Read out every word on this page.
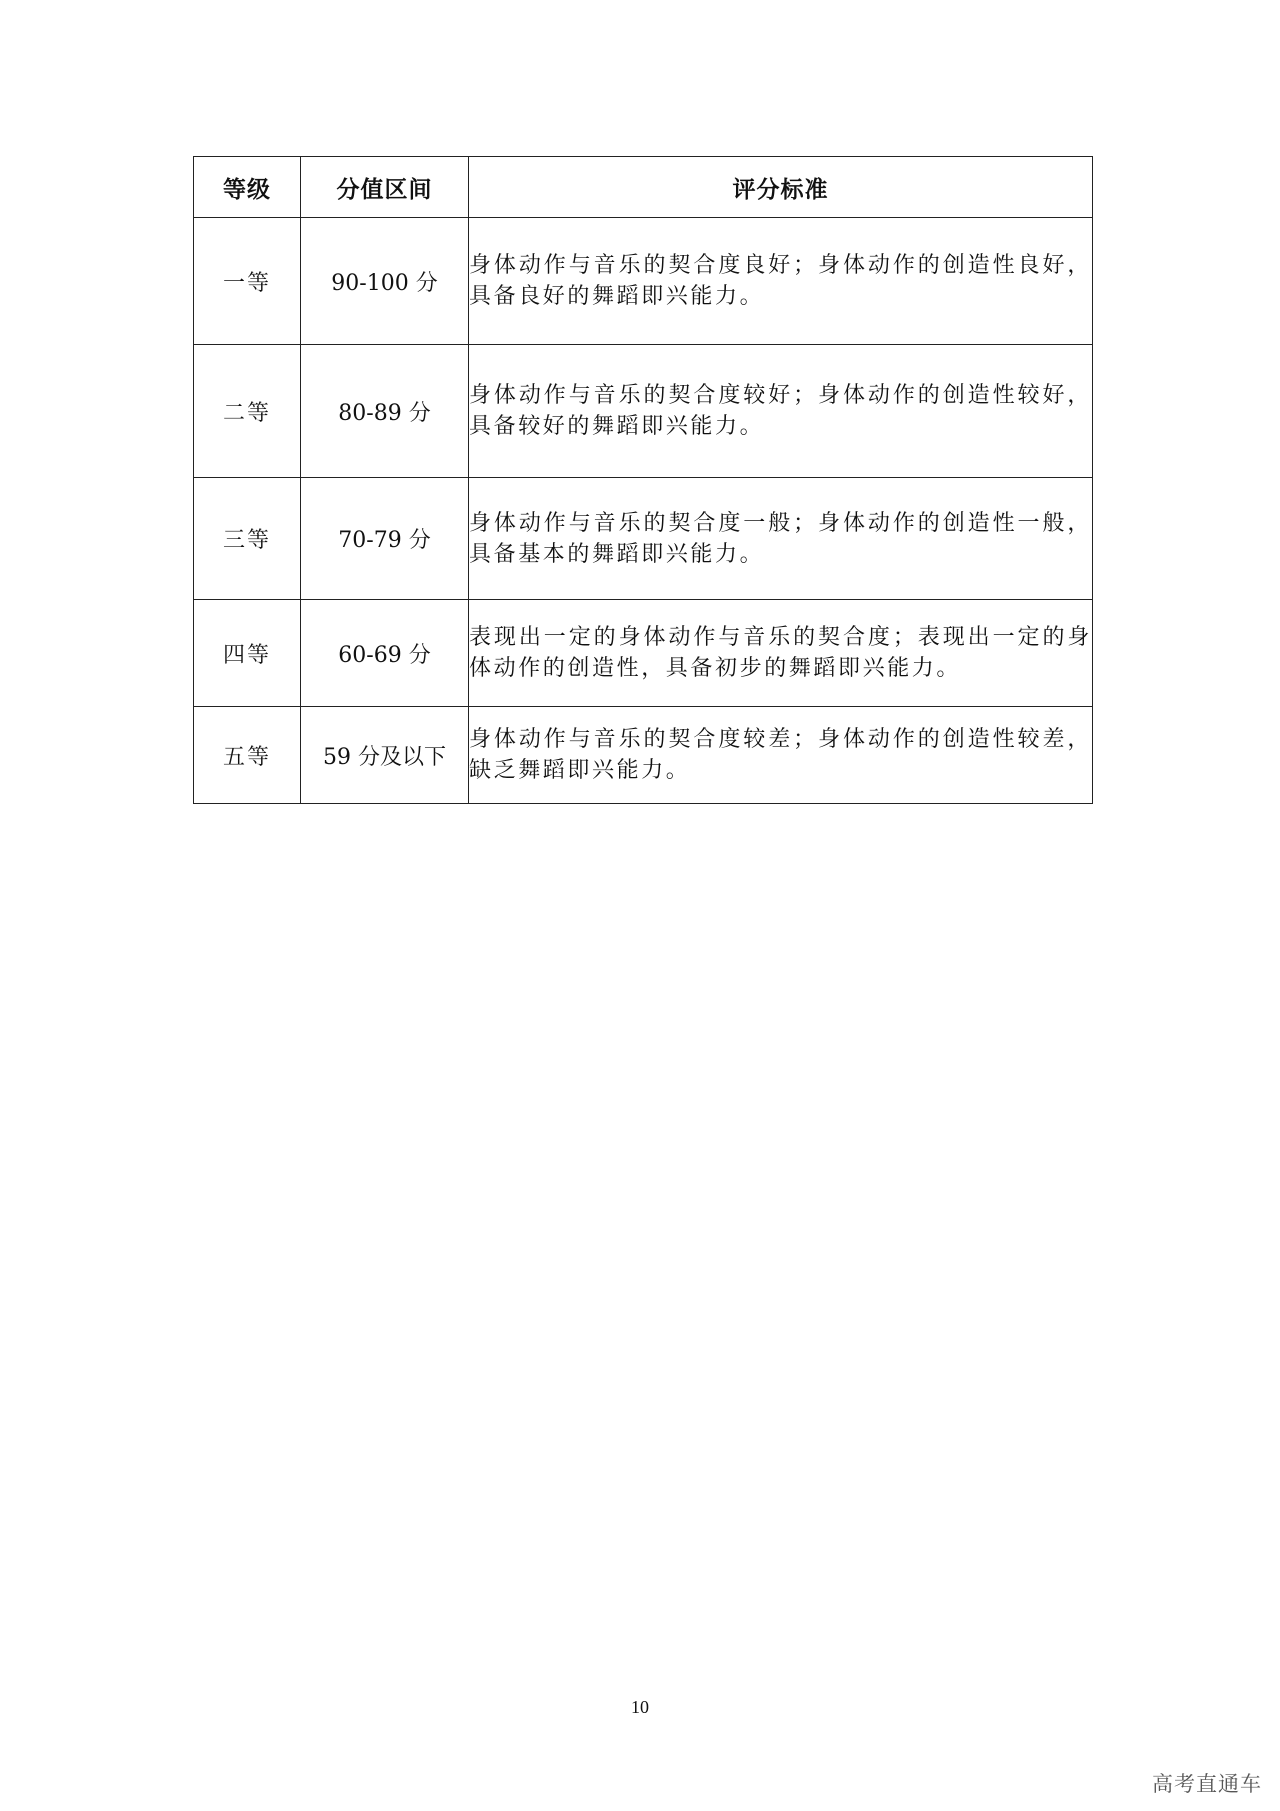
等级	分值区间	评分标准
一等	90-100 分	身体动作与音乐的契合度良好；身体动作的创造性良好，具备良好的舞蹈即兴能力。
二等	80-89 分	身体动作与音乐的契合度较好；身体动作的创造性较好，具备较好的舞蹈即兴能力。
三等	70-79 分	身体动作与音乐的契合度一般；身体动作的创造性一般，具备基本的舞蹈即兴能力。
四等	60-69 分	表现出一定的身体动作与音乐的契合度；表现出一定的身体动作的创造性，具备初步的舞蹈即兴能力。
五等	59 分及以下	身体动作与音乐的契合度较差；身体动作的创造性较差，缺乏舞蹈即兴能力。
10
高考直通车
